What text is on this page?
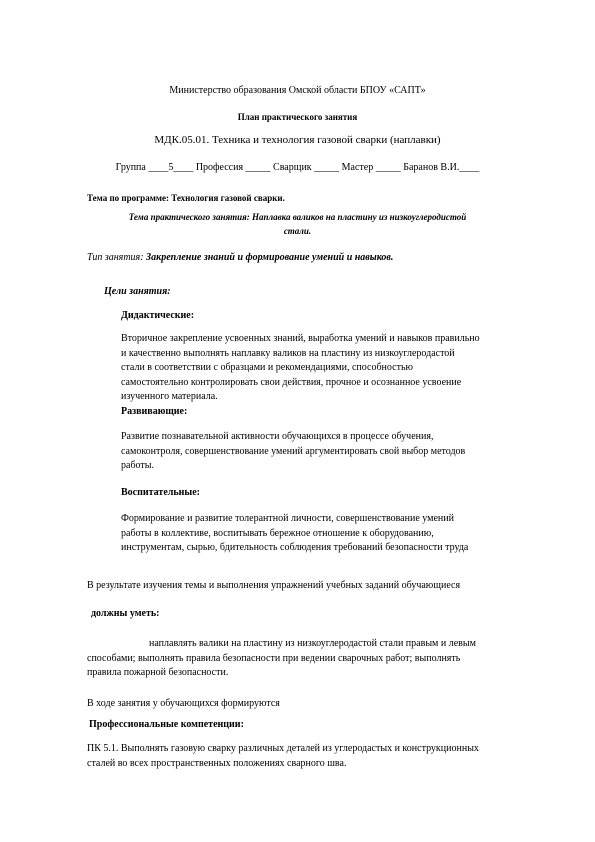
Министерство образования Омской области БПОУ «САПТ»
План практического занятия
МДК.05.01. Техника и технология газовой сварки (наплавки)
Группа ____5____ Профессия _____ Сварщик _____ Мастер _____ Баранов В.И.____
Тема по программе: Технология газовой сварки.
Тема практического занятия: Наплавка валиков на пластину из низкоуглеродистой
стали.
Тип занятия: Закрепление знаний и формирование умений и навыков.
Цели занятия:
Дидактические:

Вторичное закрепление усвоенных знаний, выработка умений и навыков правильно

и качественно выполнять наплавку валиков на пластину из низкоуглеродастой

стали в соответствии с образцами и рекомендациями, способностью

самостоятельно контролировать свои действия, прочное и осознанное усвоение

изученного материала.

Развивающие:

Развитие познавательной активности обучающихся в процессе обучения,

самоконтроля, совершенствование умений аргументировать свой выбор методов

работы.

Воспитательные:

Формирование и развитие толерантной личности, совершенствование умений

работы в коллективе, воспитывать бережное отношение к оборудованию,

инструментам, сырью, бдительность соблюдения требований безопасности труда

В результате изучения темы и выполнения упражнений учебных заданий обучающиеся
должны уметь:

наплавлять валики на пластину из низкоуглеродастой стали правым и левым

способами; выполнять правила безопасности при ведении сварочных работ; выполнять

правила пожарной безопасности.

В ходе занятия у обучающихся формируются
Профессиональные компетенции:

ПК 5.1. Выполнять газовую сварку различных деталей из углеродастых и конструкционных

сталей во всех пространственных положениях сварного шва.
